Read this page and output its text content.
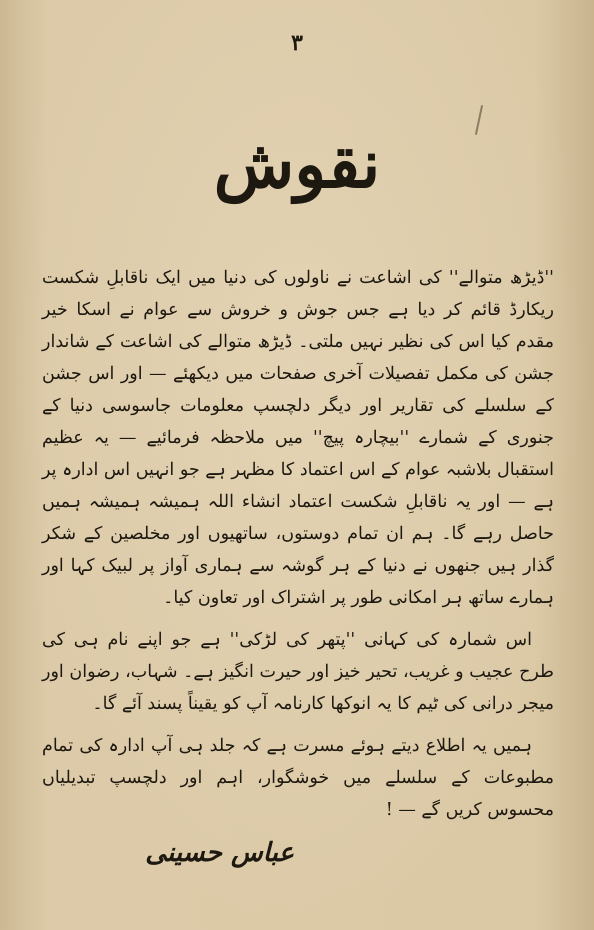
٣
نقوش

''ڈیڑھ متوالے'' کی اشاعت نے ناولوں کی دنیا میں ایک ناقابلِ شکست ریکارڈ قائم کر دیا ہے جس جوش و خروش سے عوام نے اسکا خیر مقدم کیا اس کی نظیر نہیں ملتی۔ ڈیڑھ متوالے کی اشاعت کے شاندار جشن کی مکمل تفصیلات آخری صفحات میں دیکھئے — اور اس جشن کے سلسلے کی تقاریر اور دیگر دلچسپ معلومات جاسوسی دنیا کے جنوری کے شمارے ''بیچارہ پیچ'' میں ملاحظہ فرمائیے — یہ عظیم استقبال بلاشبہ عوام کے اس اعتماد کا مظہر ہے جو انہیں اس ادارہ پر ہے — اور یہ ناقابلِ شکست اعتماد انشاء اللہ ہمیشہ ہمیشہ ہمیں حاصل رہے گا۔ ہم ان تمام دوستوں، ساتھیوں اور مخلصین کے شکر گذار ہیں جنھوں نے دنیا کے ہر گوشہ سے ہماری آواز پر لبیک کہا اور ہمارے ساتھ ہر امکانی طور پر اشتراک اور تعاون کیا۔

اس شمارہ کی کہانی ''پتھر کی لڑکی'' ہے جو اپنے نام ہی کی طرح عجیب و غریب، تحیر خیز اور حیرت انگیز ہے۔ شہاب، رضوان اور میجر درانی کی ٹیم کا یہ انوکھا کارنامہ آپ کو یقیناً پسند آئے گا۔

ہمیں یہ اطلاع دیتے ہوئے مسرت ہے کہ جلد ہی آپ ادارہ کی تمام مطبوعات کے سلسلے میں خوشگوار، اہم اور دلچسپ تبدیلیاں محسوس کریں گے — !

عباس حسینی
